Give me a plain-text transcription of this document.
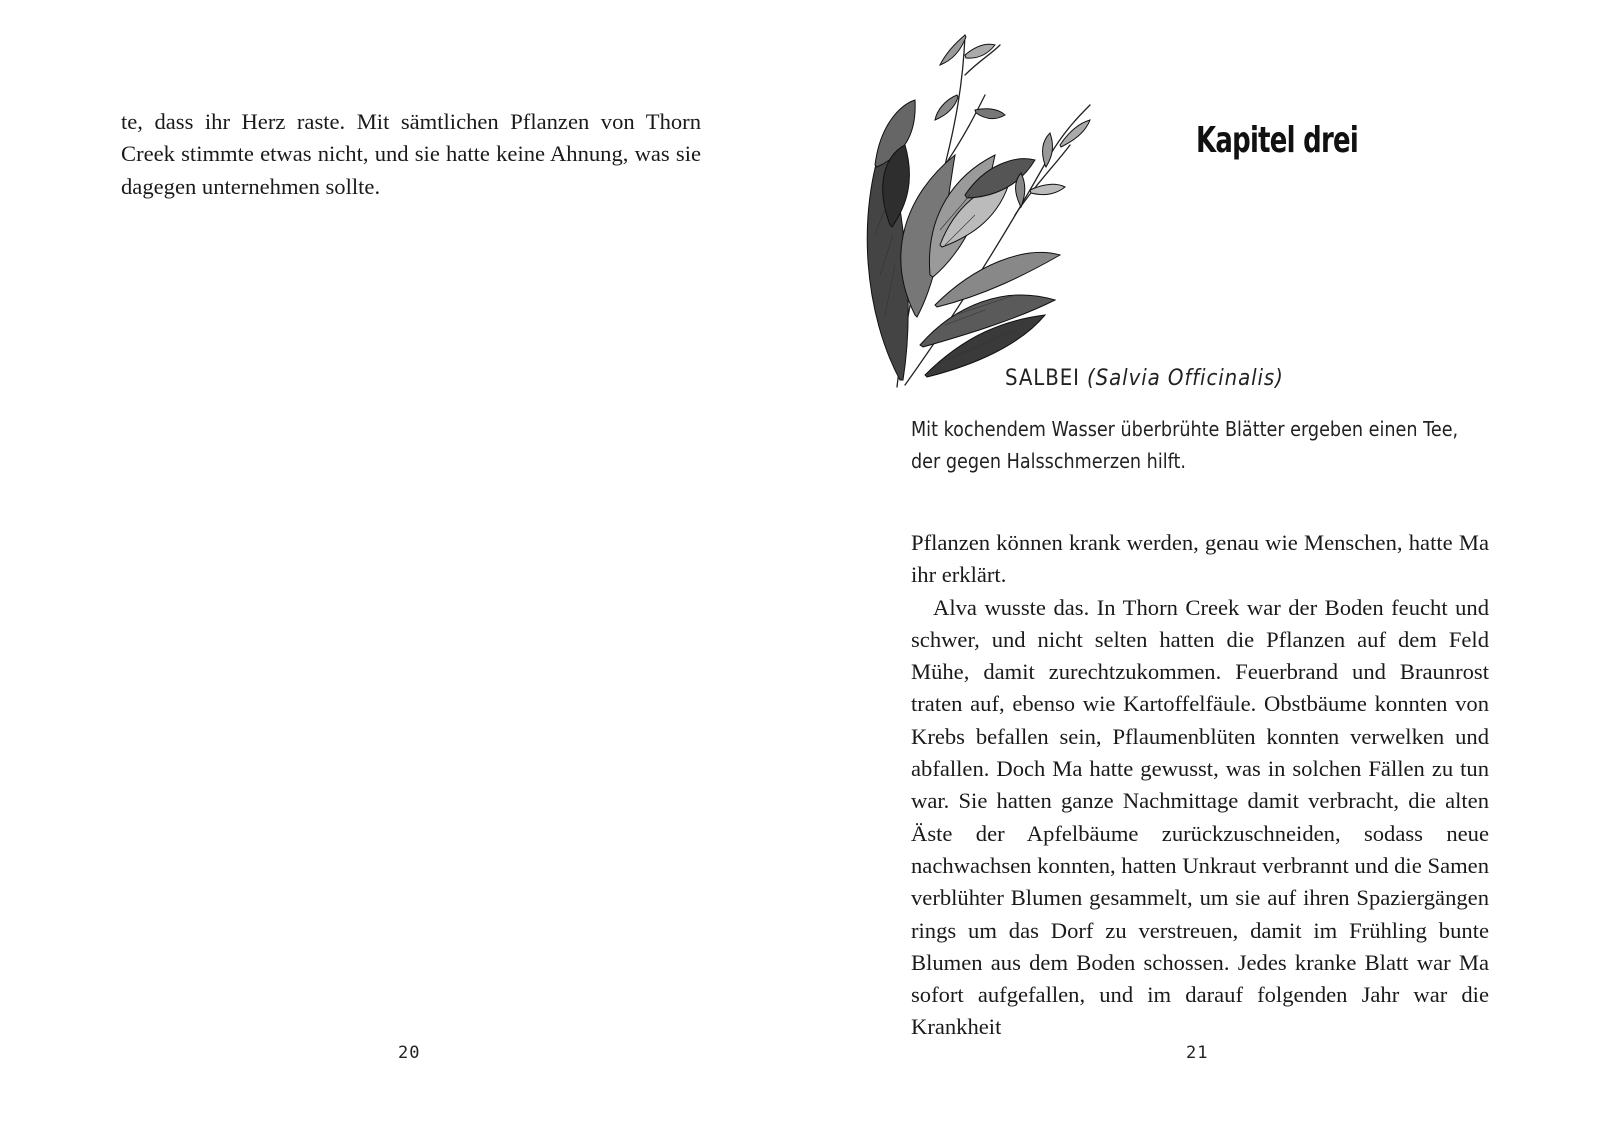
te, dass ihr Herz raste. Mit sämtlichen Pflanzen von Thorn Creek stimmte etwas nicht, und sie hatte keine Ahnung, was sie dagegen unternehmen sollte.

20
Kapitel drei
SALBEI (Salvia Officinalis)
Mit kochendem Wasser überbrühte Blätter ergeben einen Tee,
der gegen Halsschmerzen hilft.

Pflanzen können krank werden, genau wie Menschen, hatte Ma ihr erklärt.

Alva wusste das. In Thorn Creek war der Boden feucht und schwer, und nicht selten hatten die Pflanzen auf dem Feld Mühe, damit zurechtzukommen. Feuerbrand und Braunrost traten auf, ebenso wie Kartoffelfäule. Obstbäume konnten von Krebs befallen sein, Pflaumenblüten konnten verwelken und abfallen. Doch Ma hatte gewusst, was in solchen Fällen zu tun war. Sie hatten ganze Nachmittage damit verbracht, die alten Äste der Apfelbäume zurückzuschneiden, sodass neue nachwachsen konnten, hatten Unkraut verbrannt und die Samen verblühter Blumen gesammelt, um sie auf ihren Spaziergängen rings um das Dorf zu verstreuen, damit im Frühling bunte Blumen aus dem Boden schossen. Jedes kranke Blatt war Ma sofort aufgefallen, und im darauf folgenden Jahr war die Krankheit

21
